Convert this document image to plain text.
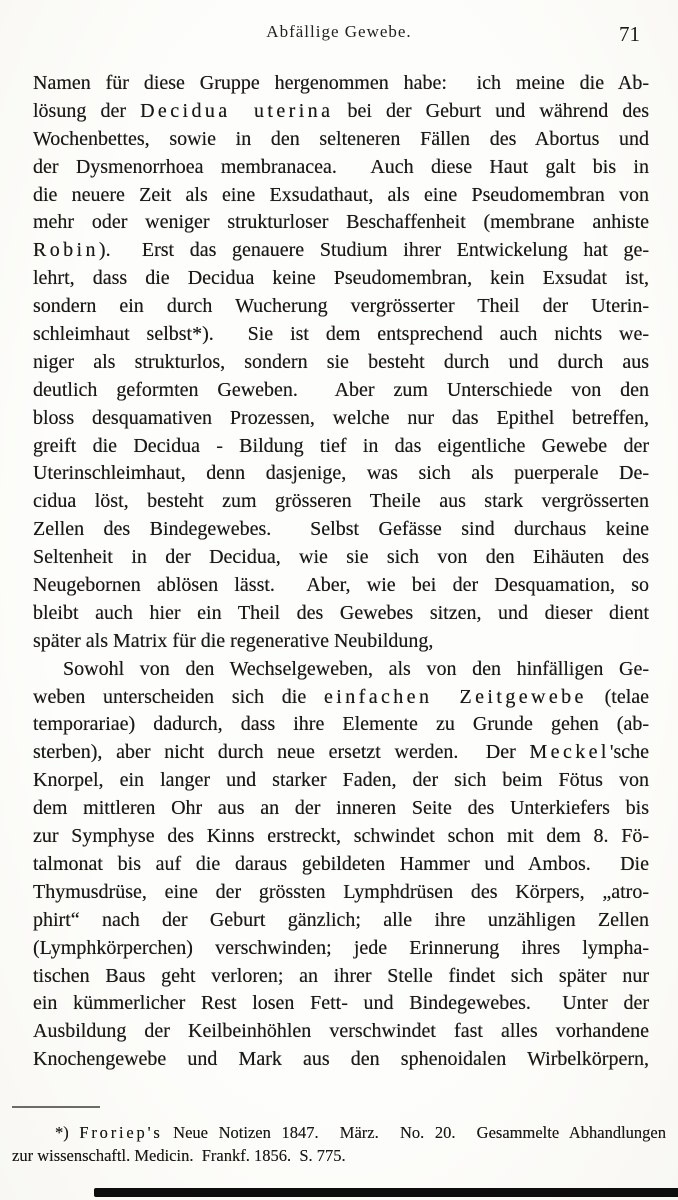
Abfällige Gewebe.	71
Namen für diese Gruppe hergenommen habe:  ich meine die Ab-
lösung der Decidua uterina bei der Geburt und während des
Wochenbettes, sowie in den selteneren Fällen des Abortus und
der Dysmenorrhoea membranacea.  Auch diese Haut galt bis in
die neuere Zeit als eine Exsudathaut, als eine Pseudomembran von
mehr oder weniger strukturloser Beschaffenheit (membrane anhiste
Robin).  Erst das genauere Studium ihrer Entwickelung hat ge-
lehrt, dass die Decidua keine Pseudomembran, kein Exsudat ist,
sondern ein durch Wucherung vergrösserter Theil der Uterin-
schleimhaut selbst*).  Sie ist dem entsprechend auch nichts we-
niger als strukturlos, sondern sie besteht durch und durch aus
deutlich geformten Geweben.  Aber zum Unterschiede von den
bloss desquamativen Prozessen, welche nur das Epithel betreffen,
greift die Decidua - Bildung tief in das eigentliche Gewebe der
Uterinschleimhaut, denn dasjenige, was sich als puerperale De-
cidua löst, besteht zum grösseren Theile aus stark vergrösserten
Zellen des Bindegewebes.  Selbst Gefässe sind durchaus keine
Seltenheit in der Decidua, wie sie sich von den Eihäuten des
Neugebornen ablösen lässt.  Aber, wie bei der Desquamation, so
bleibt auch hier ein Theil des Gewebes sitzen, und dieser dient
später als Matrix für die regenerative Neubildung,
Sowohl von den Wechselgeweben, als von den hinfälligen Ge-
weben unterscheiden sich die einfachen Zeitgewebe (telae
temporariae) dadurch, dass ihre Elemente zu Grunde gehen (ab-
sterben), aber nicht durch neue ersetzt werden.  Der Meckel'sche
Knorpel, ein langer und starker Faden, der sich beim Fötus von
dem mittleren Ohr aus an der inneren Seite des Unterkiefers bis
zur Symphyse des Kinns erstreckt, schwindet schon mit dem 8. Fö-
talmonat bis auf die daraus gebildeten Hammer und Ambos.  Die
Thymusdrüse, eine der grössten Lymphdrüsen des Körpers, „atro-
phirt“ nach der Geburt gänzlich; alle ihre unzähligen Zellen
(Lymphkörperchen) verschwinden; jede Erinnerung ihres lympha-
tischen Baus geht verloren; an ihrer Stelle findet sich später nur
ein kümmerlicher Rest losen Fett- und Bindegewebes.  Unter der
Ausbildung der Keilbeinhöhlen verschwindet fast alles vorhandene
Knochengewebe und Mark aus den sphenoidalen Wirbelkörpern,
*) Froriep's Neue Notizen 1847.  März.  No. 20.  Gesammelte Abhandlungen
zur wissenschaftl. Medicin.  Frankf. 1856.  S. 775.
